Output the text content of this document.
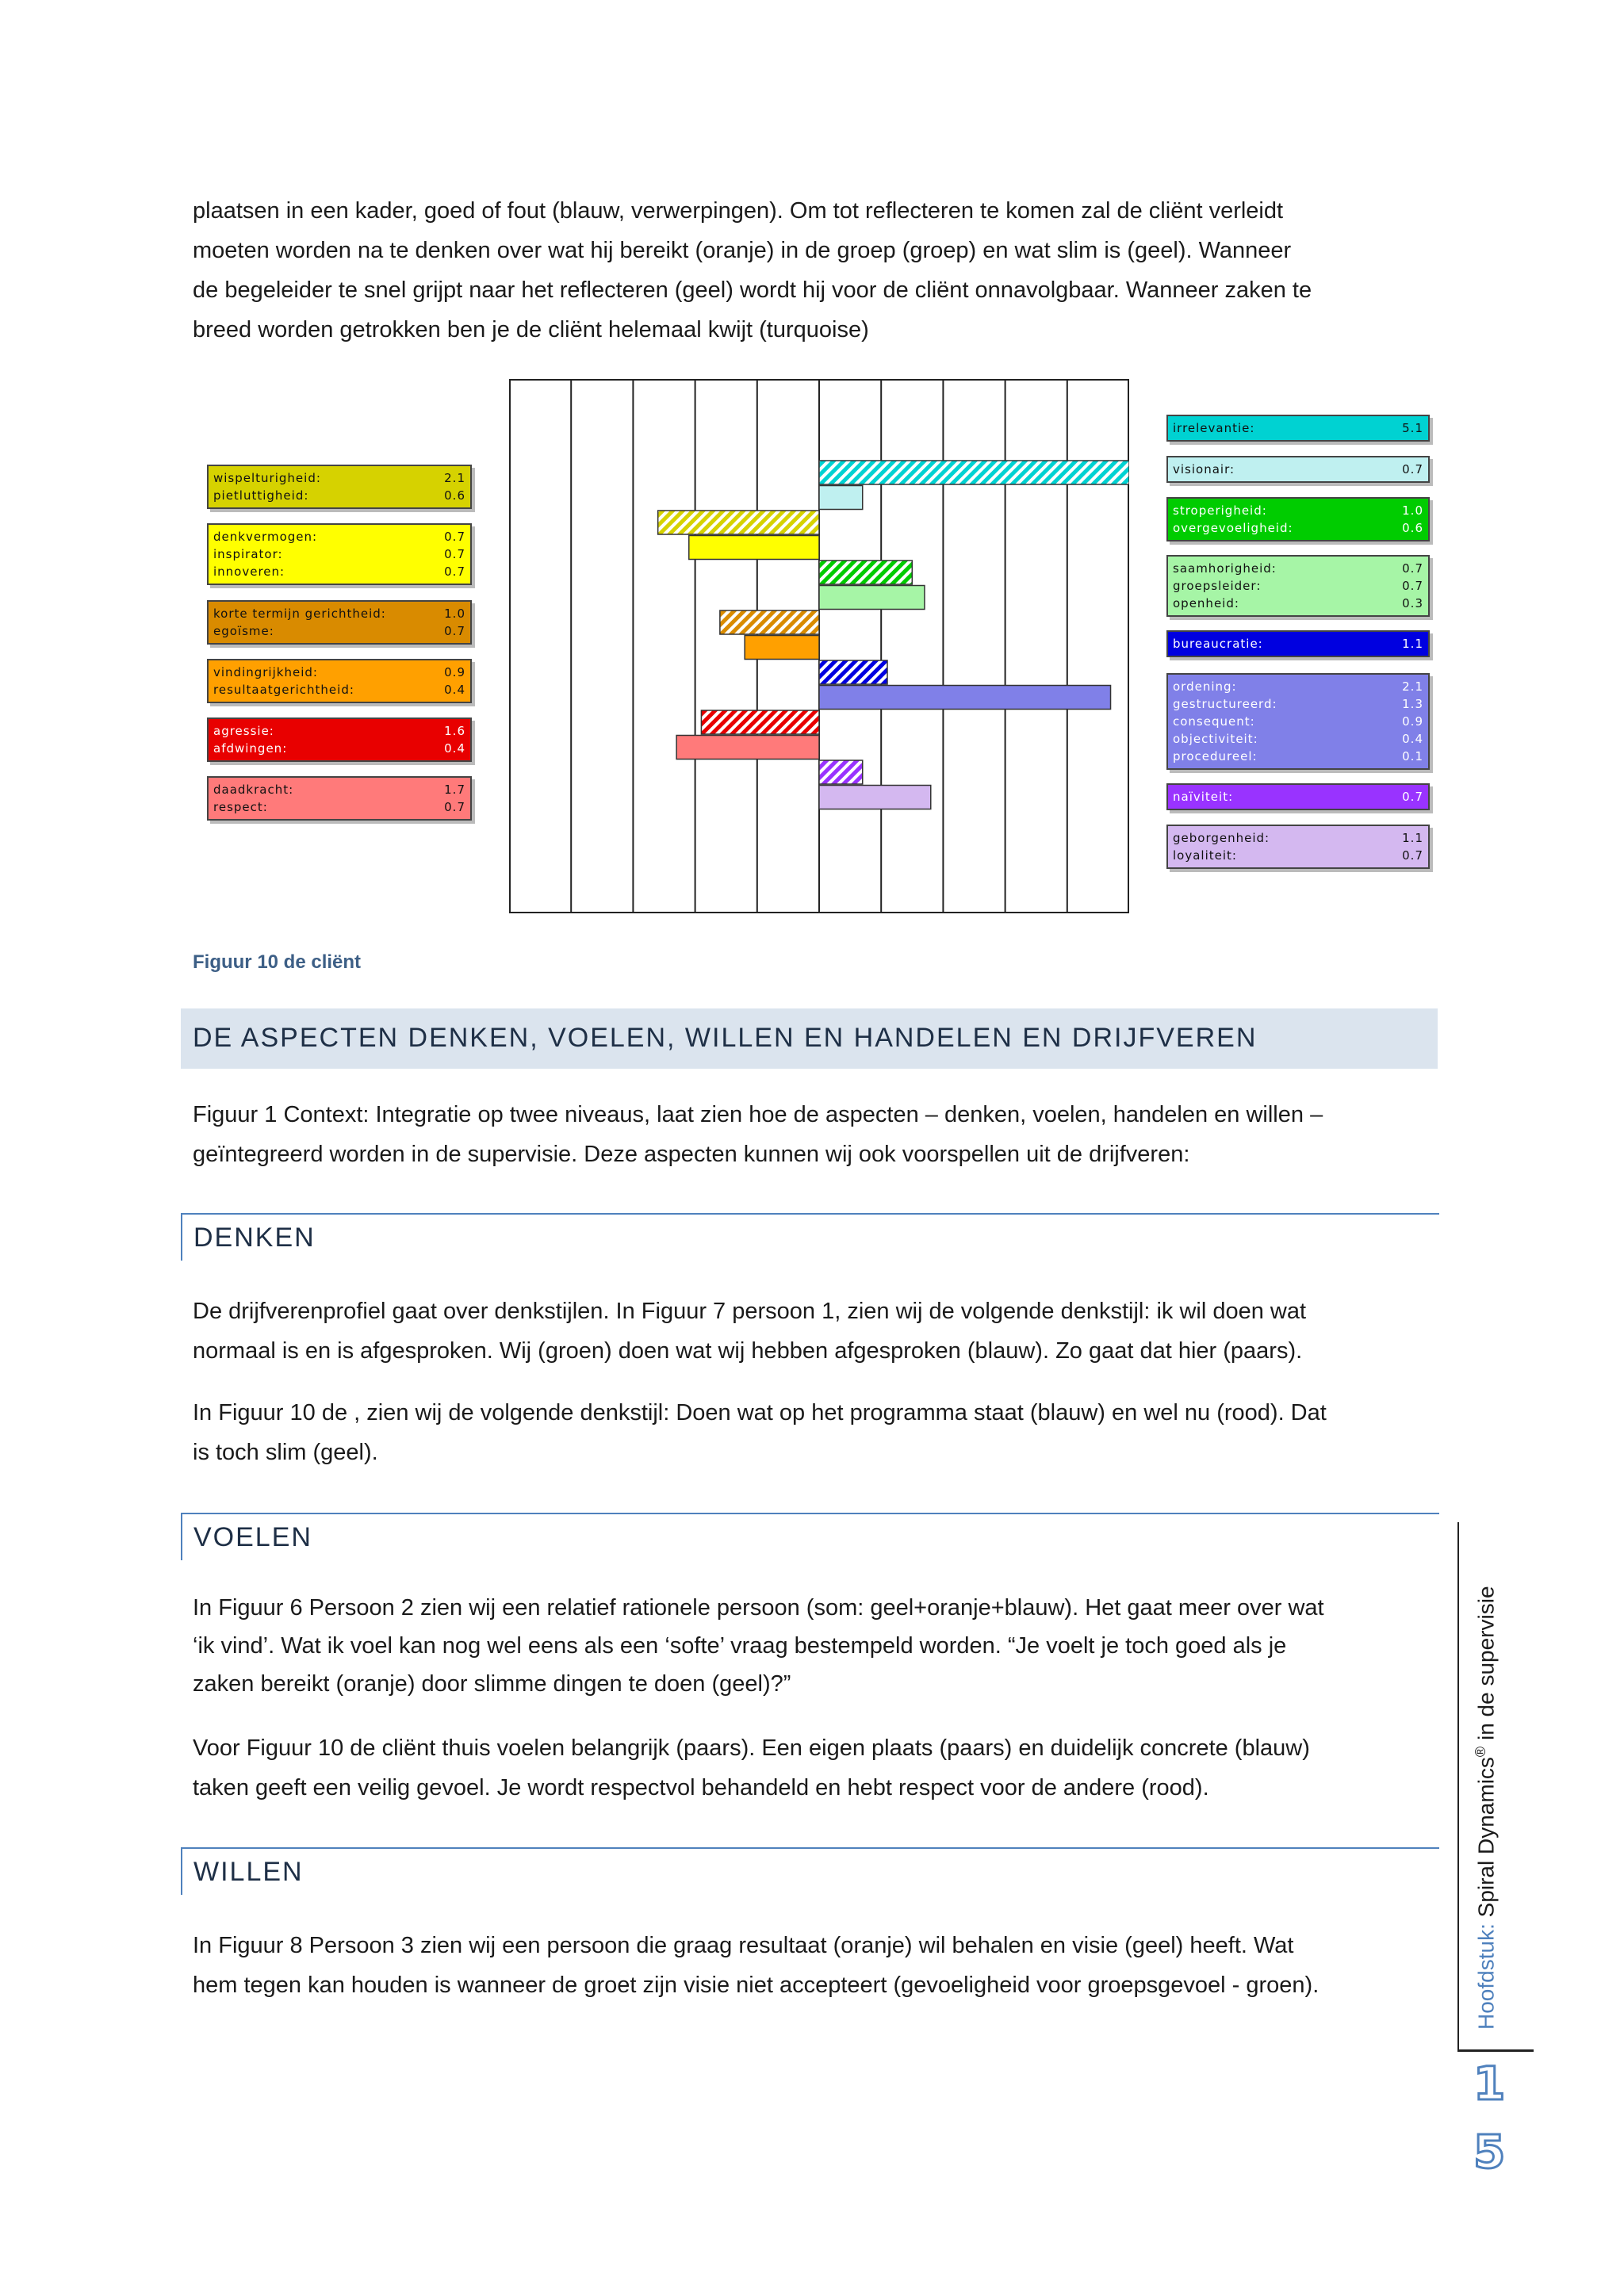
plaatsen in een kader, goed of fout (blauw, verwerpingen). Om tot reflecteren te komen zal de cliënt verleidt

moeten worden na te denken over wat hij bereikt (oranje) in de groep (groep) en wat slim is (geel). Wanneer

de begeleider te snel grijpt naar het reflecteren (geel) wordt hij voor de cliënt onnavolgbaar. Wanneer zaken te

breed worden getrokken ben je de cliënt helemaal kwijt (turquoise)

wispelturigheid:	2.1
pietluttigheid:	0.6
denkvermogen:	0.7
inspirator:	0.7
innoveren:	0.7
korte termijn gerichtheid:	1.0
egoïsme:	0.7
vindingrijkheid:	0.9
resultaatgerichtheid:	0.4
agressie:	1.6
afdwingen:	0.4
daadkracht:	1.7
respect:	0.7
irrelevantie:	5.1
visionair:	0.7
stroperigheid:	1.0
overgevoeligheid:	0.6
saamhorigheid:	0.7
groepsleider:	0.7
openheid:	0.3
bureaucratie:	1.1
ordening:	2.1
gestructureerd:	1.3
consequent:	0.9
objectiviteit:	0.4
procedureel:	0.1
naïviteit:	0.7
geborgenheid:	1.1
loyaliteit:	0.7
Figuur 10 de cliënt
DE ASPECTEN DENKEN, VOELEN, WILLEN EN HANDELEN EN DRIJFVEREN

Figuur 1 Context: Integratie op twee niveaus, laat zien hoe de aspecten – denken, voelen, handelen en willen –

geïntegreerd worden in de supervisie. Deze aspecten kunnen wij ook voorspellen uit de drijfveren:

DENKEN

De drijfverenprofiel gaat over denkstijlen. In Figuur 7 persoon 1, zien wij de volgende denkstijl: ik wil doen wat

normaal is en is afgesproken. Wij (groen) doen wat wij hebben afgesproken (blauw). Zo gaat dat hier (paars).

In Figuur 10 de , zien wij de volgende denkstijl: Doen wat op het programma staat (blauw) en wel nu (rood). Dat

is toch slim (geel).

VOELEN

In Figuur 6 Persoon 2 zien wij een relatief rationele persoon (som: geel+oranje+blauw). Het gaat meer over wat

‘ik vind’. Wat ik voel kan nog wel eens als een ‘softe’ vraag bestempeld worden. “Je voelt je toch goed als je

zaken bereikt (oranje) door slimme dingen te doen (geel)?”

Voor Figuur 10 de cliënt thuis voelen belangrijk (paars). Een eigen plaats (paars) en duidelijk concrete (blauw)

taken geeft een veilig gevoel. Je wordt respectvol behandeld en hebt respect voor de andere (rood).

WILLEN

In Figuur 8 Persoon 3 zien wij een persoon die graag resultaat (oranje) wil behalen en visie (geel) heeft. Wat

hem tegen kan houden is wanneer de groet zijn visie niet accepteert (gevoeligheid voor groepsgevoel - groen).	Hoofdstuk: Spiral Dynamics® in de supervisie
1
5
